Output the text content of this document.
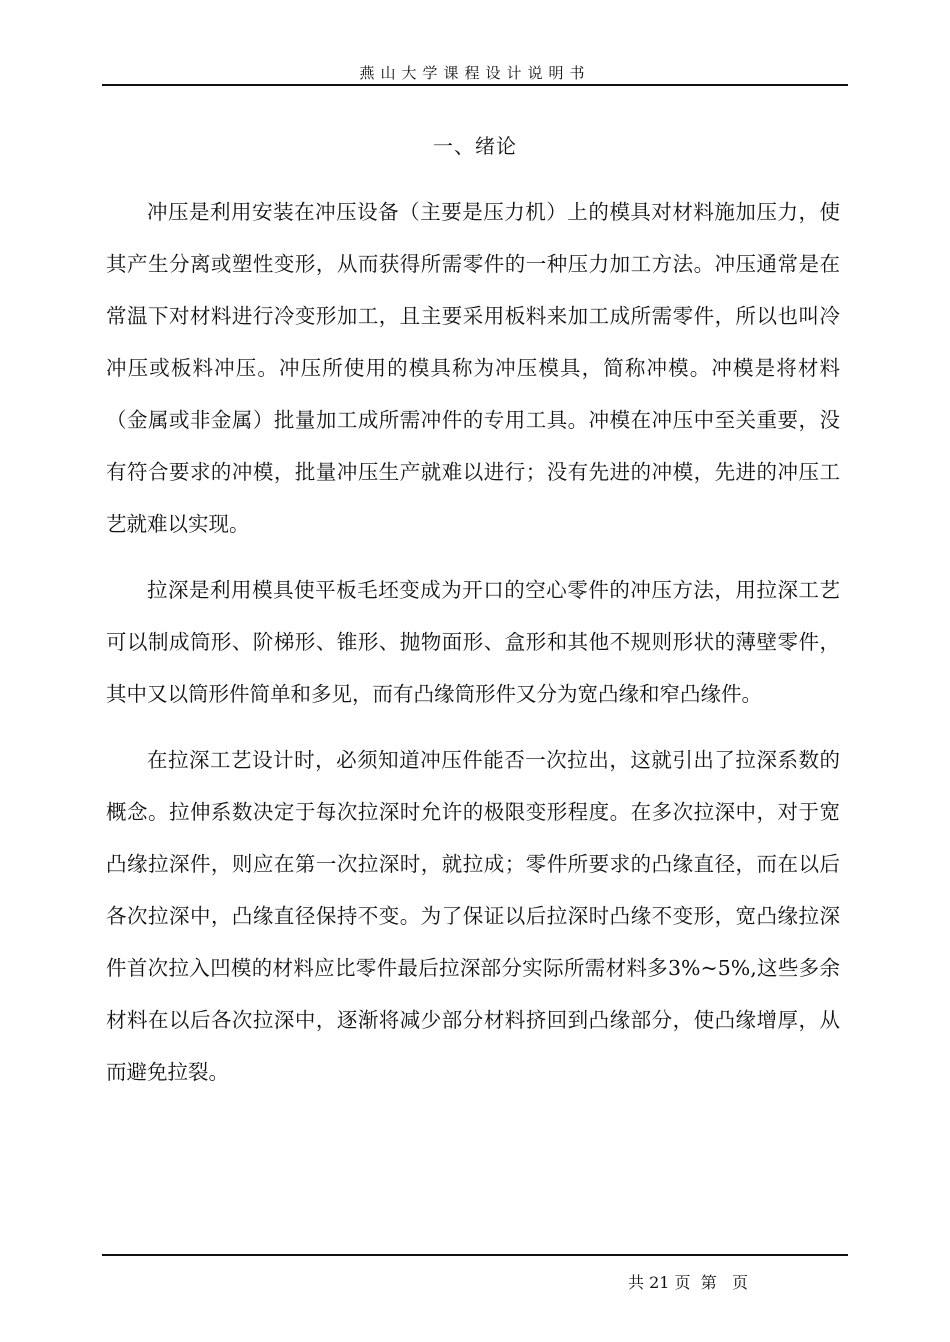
燕山大学课程设计说明书
一、绪论

冲压是利用安装在冲压设备（主要是压力机）上的模具对材料施加压力，使其产生分离或塑性变形，从而获得所需零件的一种压力加工方法。冲压通常是在常温下对材料进行冷变形加工，且主要采用板料来加工成所需零件，所以也叫冷冲压或板料冲压。冲压所使用的模具称为冲压模具，简称冲模。冲模是将材料（金属或非金属）批量加工成所需冲件的专用工具。冲模在冲压中至关重要，没有符合要求的冲模，批量冲压生产就难以进行；没有先进的冲模，先进的冲压工艺就难以实现。

拉深是利用模具使平板毛坯变成为开口的空心零件的冲压方法，用拉深工艺可以制成筒形、阶梯形、锥形、抛物面形、盒形和其他不规则形状的薄壁零件，其中又以筒形件简单和多见，而有凸缘筒形件又分为宽凸缘和窄凸缘件。

在拉深工艺设计时，必须知道冲压件能否一次拉出，这就引出了拉深系数的概念。拉伸系数决定于每次拉深时允许的极限变形程度。在多次拉深中，对于宽凸缘拉深件，则应在第一次拉深时，就拉成；零件所要求的凸缘直径，而在以后各次拉深中，凸缘直径保持不变。为了保证以后拉深时凸缘不变形，宽凸缘拉深件首次拉入凹模的材料应比零件最后拉深部分实际所需材料多3%~5%,这些多余材料在以后各次拉深中，逐渐将减少部分材料挤回到凸缘部分，使凸缘增厚，从而避免拉裂。

共 21 页  第   页
